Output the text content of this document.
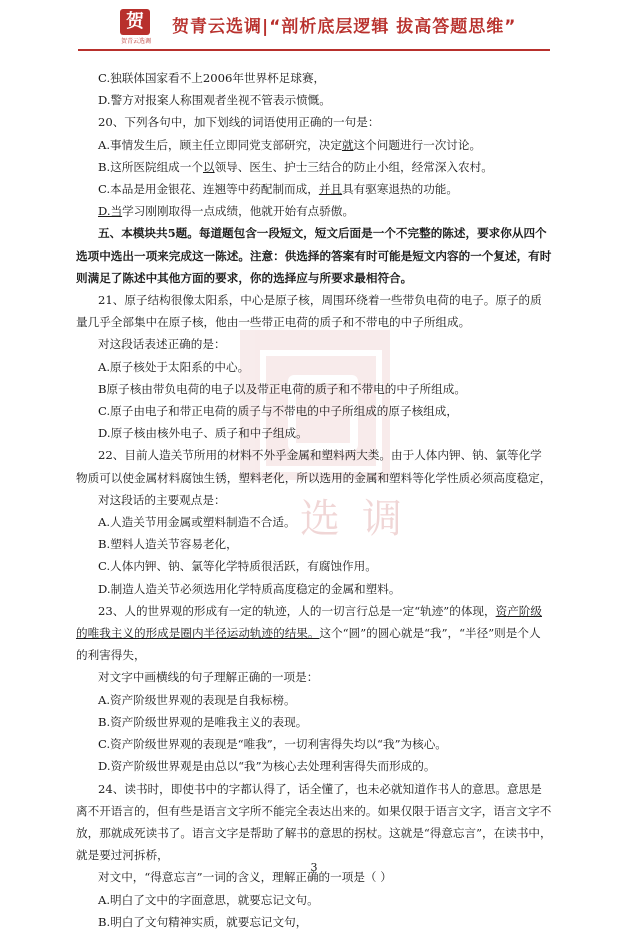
贺
贺青云选调
贺青云选调|“剖析底层逻辑 拔高答题思维”
选调

C.独联体国家看不上2006年世界杯足球赛，

D.警方对报案人称围观者坐视不管表示愤慨。

20、下列各句中，加下划线的词语使用正确的一句是：

A.事情发生后，顾主任立即同党支部研究，决定就这个问题进行一次讨论。

B.这所医院组成一个以领导、医生、护士三结合的防止小组，经常深入农村。

C.本品是用金银花、连翘等中药配制而成，并且具有驱寒退热的功能。

D.当学习刚刚取得一点成绩，他就开始有点骄傲。

五、本模块共5题。每道题包含一段短文，短文后面是一个不完整的陈述，要求你从四个选项中选出一项来完成这一陈述。注意：供选择的答案有时可能是短文内容的一个复述，有时则满足了陈述中其他方面的要求，你的选择应与所要求最相符合。

21、原子结构很像太阳系，中心是原子核，周围环绕着一些带负电荷的电子。原子的质量几乎全部集中在原子核，他由一些带正电荷的质子和不带电的中子所组成。

对这段话表述正确的是：

A.原子核处于太阳系的中心。

B原子核由带负电荷的电子以及带正电荷的质子和不带电的中子所组成。

C.原子由电子和带正电荷的质子与不带电的中子所组成的原子核组成，

D.原子核由核外电子、质子和中子组成。

22、目前人造关节所用的材料不外乎金属和塑料两大类。由于人体内钾、钠、氯等化学物质可以使金属材料腐蚀生锈，塑料老化，所以选用的金属和塑料等化学性质必须高度稳定，

对这段话的主要观点是：

A.人造关节用金属或塑料制造不合适。

B.塑料人造关节容易老化，

C.人体内钾、钠、氯等化学特质很活跃，有腐蚀作用。

D.制造人造关节必须选用化学特质高度稳定的金属和塑料。

23、人的世界观的形成有一定的轨迹，人的一切言行总是一定“轨迹”的体现，资产阶级的唯我主义的形成是圈内半径运动轨迹的结果。这个“圆”的圆心就是“我”，“半径”则是个人的利害得失，

对文字中画横线的句子理解正确的一项是：

A.资产阶级世界观的表现是自我标榜。

B.资产阶级世界观的是唯我主义的表现。

C.资产阶级世界观的表现是“唯我”，一切利害得失均以“我”为核心。

D.资产阶级世界观是由总以“我”为核心去处理利害得失而形成的。

24、读书时，即使书中的字都认得了，话全懂了，也未必就知道作书人的意思。意思是离不开语言的，但有些是语言文字所不能完全表达出来的。如果仅限于语言文字，语言文字不放，那就成死读书了。语言文字是帮助了解书的意思的拐杖。这就是“得意忘言”，在读书中，就是要过河拆桥，

对文中，“得意忘言”一词的含义，理解正确的一项是（ ）

A.明白了文中的字面意思，就要忘记文句。

B.明白了文句精神实质，就要忘记文句，

3
